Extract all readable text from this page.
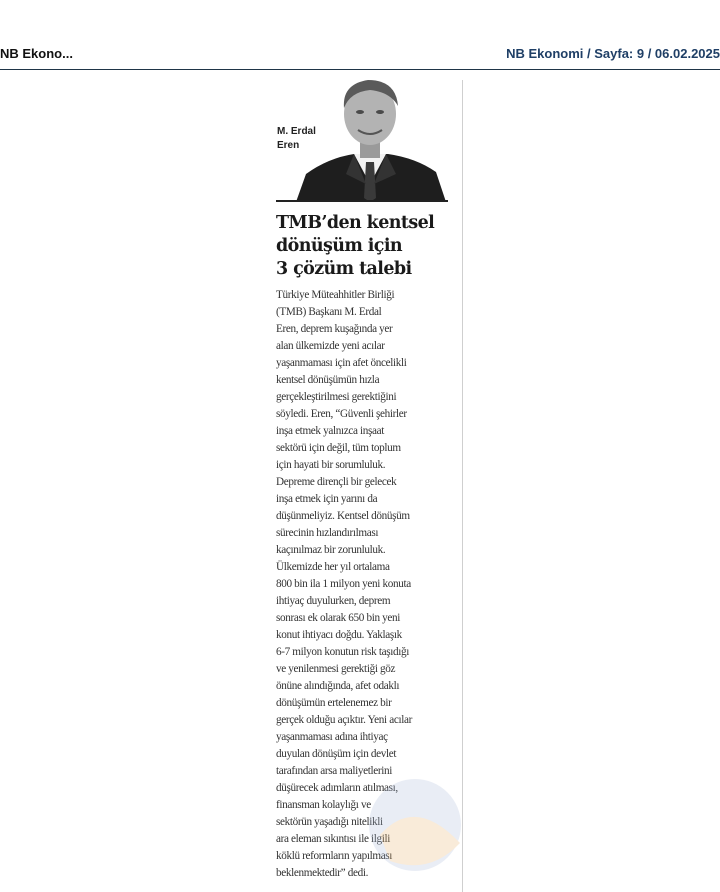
NB Ekono...	NB Ekonomi / Sayfa: 9 / 06.02.2025
M. Erdal
Eren
TMB’den kentsel
dönüşüm için
3 çözüm talebi
Türkiye Müteahhitler Birliği
(TMB) Başkanı M. Erdal
Eren, deprem kuşağında yer
alan ülkemizde yeni acılar
yaşanmaması için afet öncelikli
kentsel dönüşümün hızla
gerçekleştirilmesi gerektiğini
söyledi. Eren, “Güvenli şehirler
inşa etmek yalnızca inşaat
sektörü için değil, tüm toplum
için hayati bir sorumluluk.
Depreme dirençli bir gelecek
inşa etmek için yarını da
düşünmeliyiz. Kentsel dönüşüm
sürecinin hızlandırılması
kaçınılmaz bir zorunluluk.
Ülkemizde her yıl ortalama
800 bin ila 1 milyon yeni konuta
ihtiyaç duyulurken, deprem
sonrası ek olarak 650 bin yeni
konut ihtiyacı doğdu. Yaklaşık
6-7 milyon konutun risk taşıdığı
ve yenilenmesi gerektiği göz
önüne alındığında, afet odaklı
dönüşümün ertelenemez bir
gerçek olduğu açıktır. Yeni acılar
yaşanmaması adına ihtiyaç
duyulan dönüşüm için devlet
tarafından arsa maliyetlerini
düşürecek adımların atılması,
finansman kolaylığı ve
sektörün yaşadığı nitelikli
ara eleman sıkıntısı ile ilgili
köklü reformların yapılması
beklenmektedir” dedi.
